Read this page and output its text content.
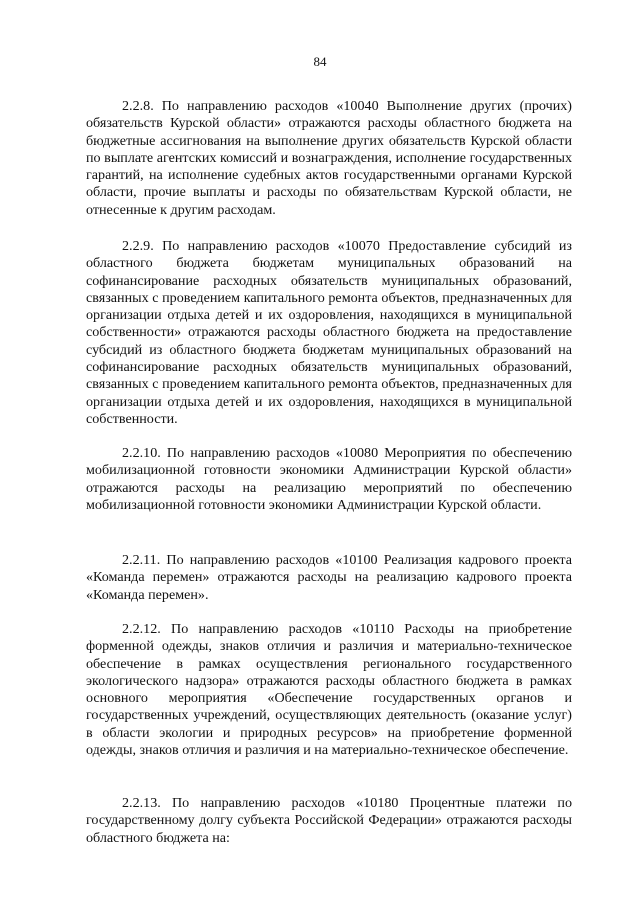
84

2.2.8. По направлению расходов «10040 Выполнение других (прочих) обязательств Курской области» отражаются расходы областного бюджета на бюджетные ассигнования на выполнение других обязательств Курской области по выплате агентских комиссий и вознаграждения, исполнение государственных гарантий, на исполнение судебных актов государственными органами Курской области, прочие выплаты и расходы по обязательствам Курской области, не отнесенные к другим расходам.

2.2.9. По направлению расходов «10070 Предоставление субсидий из областного бюджета бюджетам муниципальных образований на софинансирование расходных обязательств муниципальных образований, связанных с проведением капитального ремонта объектов, предназначенных для организации отдыха детей и их оздоровления, находящихся в муниципальной собственности» отражаются расходы областного бюджета на предоставление субсидий из областного бюджета бюджетам муниципальных образований на софинансирование расходных обязательств муниципальных образований, связанных с проведением капитального ремонта объектов, предназначенных для организации отдыха детей и их оздоровления, находящихся в муниципальной собственности.

2.2.10. По направлению расходов «10080 Мероприятия по обеспечению мобилизационной готовности экономики Администрации Курской области» отражаются расходы на реализацию мероприятий по обеспечению мобилизационной готовности экономики Администрации Курской области.

2.2.11. По направлению расходов «10100 Реализация кадрового проекта «Команда перемен» отражаются расходы на реализацию кадрового проекта «Команда перемен».

2.2.12. По направлению расходов «10110 Расходы на приобретение форменной одежды, знаков отличия и различия и материально-техническое обеспечение в рамках осуществления регионального государственного экологического надзора» отражаются расходы областного бюджета в рамках основного мероприятия «Обеспечение государственных органов и государственных учреждений, осуществляющих деятельность (оказание услуг) в области экологии и природных ресурсов» на приобретение форменной одежды, знаков отличия и различия и на материально-техническое обеспечение.

2.2.13. По направлению расходов «10180 Процентные платежи по государственному долгу субъекта Российской Федерации» отражаются расходы областного бюджета на:
